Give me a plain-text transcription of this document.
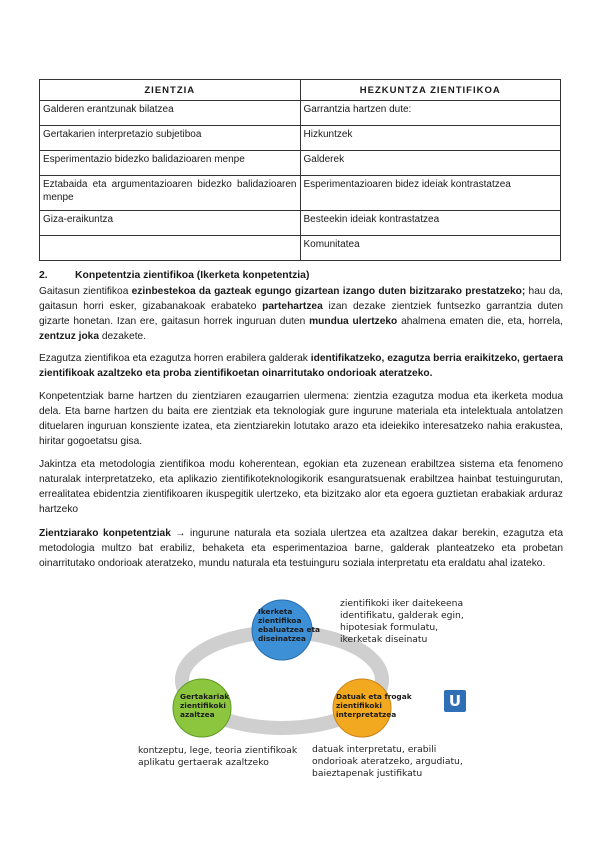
ZIENTZIA	HEZKUNTZA ZIENTIFIKOA
Galderen erantzunak bilatzea	Garrantzia hartzen dute:
Gertakarien interpretazio subjetiboa	Hizkuntzek
Esperimentazio bidezko balidazioaren menpe	Galderek

Eztabaida eta argumentazioaren bidezko balidazioaren menpe	Esperimentazioaren bidez ideiak kontrastatzea
Giza-eraikuntza	Besteekin ideiak kontrastatzea
	Komunitatea
2.	Konpetentzia zientifikoa (Ikerketa konpetentzia)

Gaitasun zientifikoa ezinbestekoa da gazteak egungo gizartean izango duten bizitzarako prestatzeko; hau da, gaitasun horri esker, gizabanakoak erabateko partehartzea izan dezake zientziek funtsezko garrantzia duten gizarte honetan. Izan ere, gaitasun horrek inguruan duten mundua ulertzeko ahalmena ematen die, eta, horrela, zentzuz joka dezakete.

Ezagutza zientifikoa eta ezagutza horren erabilera galderak identifikatzeko, ezagutza berria eraikitzeko, gertaera zientifikoak azaltzeko eta proba zientifikoetan oinarritutako ondorioak ateratzeko.

Konpetentziak barne hartzen du zientziaren ezaugarrien ulermena: zientzia ezagutza modua eta ikerketa modua dela. Eta barne hartzen du baita ere zientziak eta teknologiak gure ingurune materiala eta intelektuala antolatzen dituelaren inguruan konsziente izatea, eta zientziarekin lotutako arazo eta ideiekiko interesatzeko nahia erakustea, hiritar gogoetatsu gisa.

Jakintza eta metodologia zientifikoa modu koherentean, egokian eta zuzenean erabiltzea sistema eta fenomeno naturalak interpretatzeko, eta aplikazio zientifikoteknologikorik esanguratsuenak erabiltzea hainbat testuingurutan, errealitatea ebidentzia zientifikoaren ikuspegitik ulertzeko, eta bizitzako alor eta egoera guztietan erabakiak arduraz hartzeko

Zientziarako konpetentziak → ingurune naturala eta soziala ulertzea eta azaltzea dakar berekin, ezagutza eta metodologia multzo bat erabiliz, behaketa eta esperimentazioa barne, galderak planteatzeko eta probetan oinarritutako ondorioak ateratzeko, mundu naturala eta testuinguru soziala interpretatu eta eraldatu ahal izateko.

Ikerketa
zientifikoa
ebaluatzea eta
diseinatzea
Gertakariak
zientifikoki
azaltzea
Datuak eta frogak
zientifikoki
interpretatzea
zientifikoki iker daitekeena
identifikatu, galderak egin,
hipotesiak formulatu,
ikerketak diseinatu
kontzeptu, lege, teoria zientifikoak
aplikatu gertaerak azaltzeko
datuak interpretatu, erabili
ondorioak ateratzeko, argudiatu,
baieztapenak justifikatu
U
